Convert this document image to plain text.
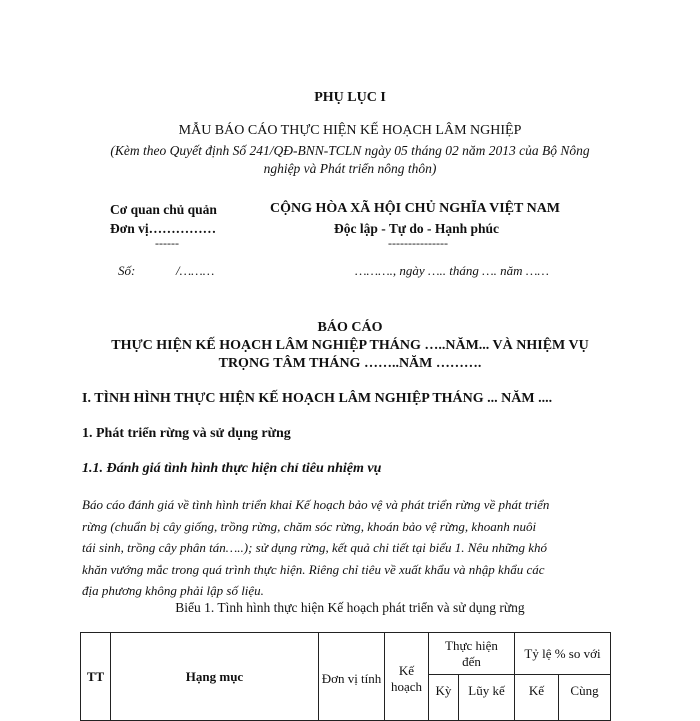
PHỤ LỤC I
MẪU BÁO CÁO THỰC HIỆN KẾ HOẠCH LÂM NGHIỆP
(Kèm theo Quyết định Số 241/QĐ-BNN-TCLN ngày 05 tháng 02 năm 2013 của Bộ Nông
nghiệp và Phát triển nông thôn)
Cơ quan chủ quản
Đơn vị……………
------
CỘNG HÒA XÃ HỘI CHỦ NGHĨA VIỆT NAM
Độc lập - Tự do - Hạnh phúc
---------------
Số:	/………	………., ngày ….. tháng …. năm ……
BÁO CÁO
THỰC HIỆN KẾ HOẠCH LÂM NGHIỆP THÁNG …..NĂM... VÀ NHIỆM VỤ
TRỌNG TÂM THÁNG ……..NĂM ……….
I. TÌNH HÌNH THỰC HIỆN KẾ HOẠCH LÂM NGHIỆP THÁNG ... NĂM ....
1. Phát triển rừng và sử dụng rừng
1.1. Đánh giá tình hình thực hiện chỉ tiêu nhiệm vụ
Báo cáo đánh giá về tình hình triển khai Kế hoạch bảo vệ và phát triển rừng về phát triển
rừng (chuẩn bị cây giống, trồng rừng, chăm sóc rừng, khoán bảo vệ rừng, khoanh nuôi
tái sinh, trồng cây phân tán…..); sử dụng rừng, kết quả chi tiết tại biểu 1. Nêu những khó
khăn vướng mắc trong quá trình thực hiện. Riêng chỉ tiêu về xuất khẩu và nhập khẩu các
địa phương không phải lập số liệu.
Biểu 1. Tình hình thực hiện Kế hoạch phát triển và sử dụng rừng
TT	Hạng mục	Đơn vị tính	Kế hoạch	Thực hiện đến		Tỷ lệ % so với	
				Kỳ	Lũy kế	Kế	Cùng
